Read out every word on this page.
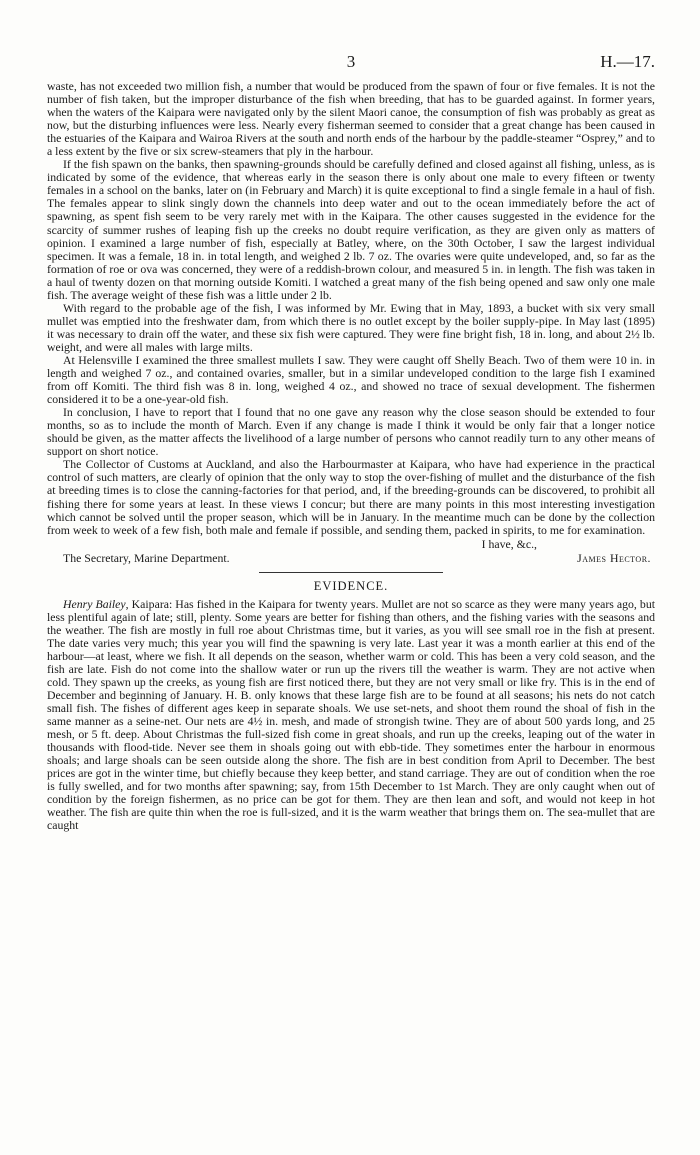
3	H.—17.

waste, has not exceeded two million fish, a number that would be produced from the spawn of four or five females. It is not the number of fish taken, but the improper disturbance of the fish when breeding, that has to be guarded against. In former years, when the waters of the Kaipara were navigated only by the silent Maori canoe, the consumption of fish was probably as great as now, but the disturbing influences were less. Nearly every fisherman seemed to consider that a great change has been caused in the estuaries of the Kaipara and Wairoa Rivers at the south and north ends of the harbour by the paddle-steamer “Osprey,” and to a less extent by the five or six screw-steamers that ply in the harbour.

If the fish spawn on the banks, then spawning-grounds should be carefully defined and closed against all fishing, unless, as is indicated by some of the evidence, that whereas early in the season there is only about one male to every fifteen or twenty females in a school on the banks, later on (in February and March) it is quite exceptional to find a single female in a haul of fish. The females appear to slink singly down the channels into deep water and out to the ocean immediately before the act of spawning, as spent fish seem to be very rarely met with in the Kaipara. The other causes suggested in the evidence for the scarcity of summer rushes of leaping fish up the creeks no doubt require verification, as they are given only as matters of opinion. I examined a large number of fish, especially at Batley, where, on the 30th October, I saw the largest individual specimen. It was a female, 18 in. in total length, and weighed 2 lb. 7 oz. The ovaries were quite undeveloped, and, so far as the formation of roe or ova was concerned, they were of a reddish-brown colour, and measured 5 in. in length. The fish was taken in a haul of twenty dozen on that morning outside Komiti. I watched a great many of the fish being opened and saw only one male fish. The average weight of these fish was a little under 2 lb.

With regard to the probable age of the fish, I was informed by Mr. Ewing that in May, 1893, a bucket with six very small mullet was emptied into the freshwater dam, from which there is no outlet except by the boiler supply-pipe. In May last (1895) it was necessary to drain off the water, and these six fish were captured. They were fine bright fish, 18 in. long, and about 2½ lb. weight, and were all males with large milts.

At Helensville I examined the three smallest mullets I saw. They were caught off Shelly Beach. Two of them were 10 in. in length and weighed 7 oz., and contained ovaries, smaller, but in a similar undeveloped condition to the large fish I examined from off Komiti. The third fish was 8 in. long, weighed 4 oz., and showed no trace of sexual development. The fishermen considered it to be a one-year-old fish.

In conclusion, I have to report that I found that no one gave any reason why the close season should be extended to four months, so as to include the month of March. Even if any change is made I think it would be only fair that a longer notice should be given, as the matter affects the livelihood of a large number of persons who cannot readily turn to any other means of support on short notice.

The Collector of Customs at Auckland, and also the Harbourmaster at Kaipara, who have had experience in the practical control of such matters, are clearly of opinion that the only way to stop the over-fishing of mullet and the disturbance of the fish at breeding times is to close the canning-factories for that period, and, if the breeding-grounds can be discovered, to prohibit all fishing there for some years at least. In these views I concur; but there are many points in this most interesting investigation which cannot be solved until the proper season, which will be in January. In the meantime much can be done by the collection from week to week of a few fish, both male and female if possible, and sending them, packed in spirits, to me for examination.

I have, &c.,
The Secretary, Marine Department.	James Hector.
EVIDENCE.

Henry Bailey, Kaipara: Has fished in the Kaipara for twenty years. Mullet are not so scarce as they were many years ago, but less plentiful again of late; still, plenty. Some years are better for fishing than others, and the fishing varies with the seasons and the weather. The fish are mostly in full roe about Christmas time, but it varies, as you will see small roe in the fish at present. The date varies very much; this year you will find the spawning is very late. Last year it was a month earlier at this end of the harbour—at least, where we fish. It all depends on the season, whether warm or cold. This has been a very cold season, and the fish are late. Fish do not come into the shallow water or run up the rivers till the weather is warm. They are not active when cold. They spawn up the creeks, as young fish are first noticed there, but they are not very small or like fry. This is in the end of December and beginning of January. H. B. only knows that these large fish are to be found at all seasons; his nets do not catch small fish. The fishes of different ages keep in separate shoals. We use set-nets, and shoot them round the shoal of fish in the same manner as a seine-net. Our nets are 4½ in. mesh, and made of strongish twine. They are of about 500 yards long, and 25 mesh, or 5 ft. deep. About Christmas the full-sized fish come in great shoals, and run up the creeks, leaping out of the water in thousands with flood-tide. Never see them in shoals going out with ebb-tide. They sometimes enter the harbour in enormous shoals; and large shoals can be seen outside along the shore. The fish are in best condition from April to December. The best prices are got in the winter time, but chiefly because they keep better, and stand carriage. They are out of condition when the roe is fully swelled, and for two months after spawning; say, from 15th December to 1st March. They are only caught when out of condition by the foreign fishermen, as no price can be got for them. They are then lean and soft, and would not keep in hot weather. The fish are quite thin when the roe is full-sized, and it is the warm weather that brings them on. The sea-mullet that are caught
